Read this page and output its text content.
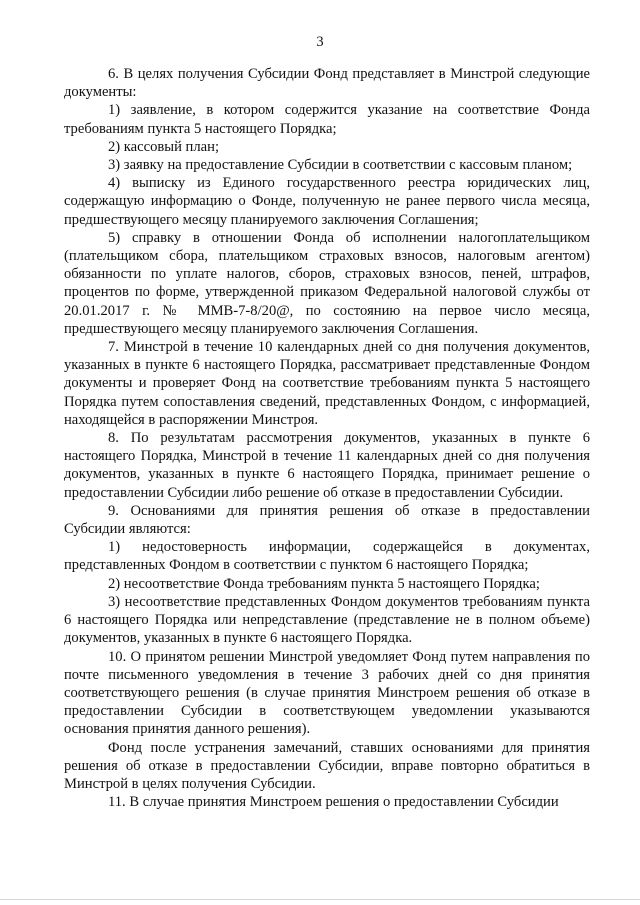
3

6. В целях получения Субсидии Фонд представляет в Минстрой следующие документы:

1) заявление, в котором содержится указание на соответствие Фонда требованиям пункта 5 настоящего Порядка;

2) кассовый план;

3) заявку на предоставление Субсидии в соответствии с кассовым планом;

4) выписку из Единого государственного реестра юридических лиц, содержащую информацию о Фонде, полученную не ранее первого числа месяца, предшествующего месяцу планируемого заключения Соглашения;

5) справку в отношении Фонда об исполнении налогоплательщиком (плательщиком сбора, плательщиком страховых взносов, налоговым агентом) обязанности по уплате налогов, сборов, страховых взносов, пеней, штрафов, процентов по форме, утвержденной приказом Федеральной налоговой службы от 20.01.2017 г. № ММВ-7-8/20@, по состоянию на первое число месяца, предшествующего месяцу планируемого заключения Соглашения.

7. Минстрой в течение 10 календарных дней со дня получения документов, указанных в пункте 6 настоящего Порядка, рассматривает представленные Фондом документы и проверяет Фонд на соответствие требованиям пункта 5 настоящего Порядка путем сопоставления сведений, представленных Фондом, с информацией, находящейся в распоряжении Минстроя.

8. По результатам рассмотрения документов, указанных в пункте 6 настоящего Порядка, Минстрой в течение 11 календарных дней со дня получения документов, указанных в пункте 6 настоящего Порядка, принимает решение о предоставлении Субсидии либо решение об отказе в предоставлении Субсидии.

9. Основаниями для принятия решения об отказе в предоставлении Субсидии являются:

1) недостоверность информации, содержащейся в документах, представленных Фондом в соответствии с пунктом 6 настоящего Порядка;

2) несоответствие Фонда требованиям пункта 5 настоящего Порядка;

3) несоответствие представленных Фондом документов требованиям пункта 6 настоящего Порядка или непредставление (представление не в полном объеме) документов, указанных в пункте 6 настоящего Порядка.

10. О принятом решении Минстрой уведомляет Фонд путем направления по почте письменного уведомления в течение 3 рабочих дней со дня принятия соответствующего решения (в случае принятия Минстроем решения об отказе в предоставлении Субсидии в соответствующем уведомлении указываются основания принятия данного решения).

Фонд после устранения замечаний, ставших основаниями для принятия решения об отказе в предоставлении Субсидии, вправе повторно обратиться в Минстрой в целях получения Субсидии.

11. В случае принятия Минстроем решения о предоставлении Субсидии
